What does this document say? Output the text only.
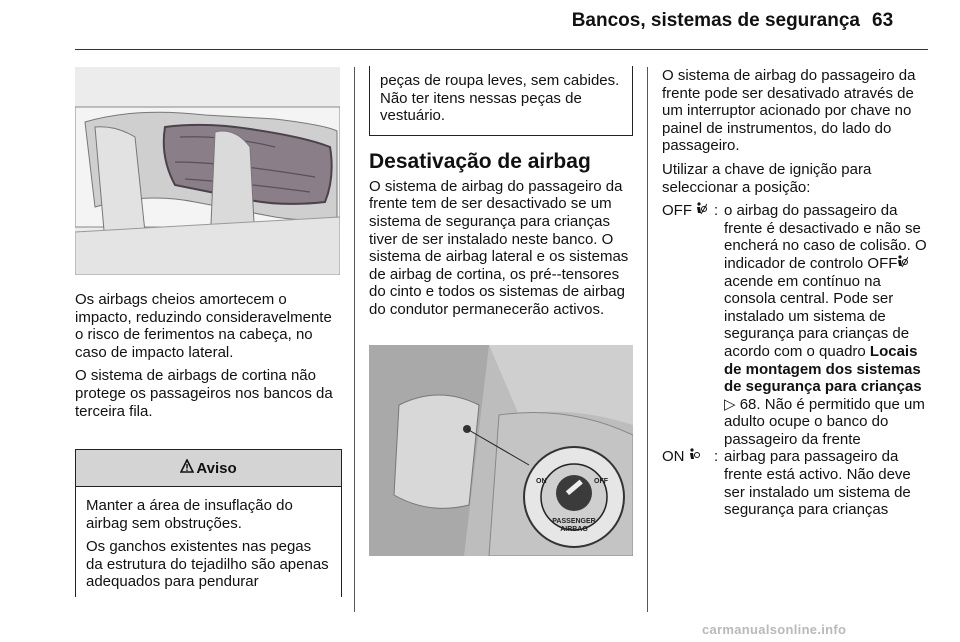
Bancos, sistemas de segurança 63

Os airbags cheios amortecem o impacto, reduzindo consideravelmente o risco de ferimentos na cabeça, no caso de impacto lateral.

O sistema de airbags de cortina não protege os passageiros nos bancos da terceira fila.

Aviso

Manter a área de insuflação do airbag sem obstruções.

Os ganchos existentes nas pegas da estrutura do tejadilho são apenas adequados para pendurar

peças de roupa leves, sem cabides. Não ter itens nessas peças de vestuário.

Desativação de airbag

O sistema de airbag do passageiro da frente tem de ser desactivado se um sistema de segurança para crianças tiver de ser instalado neste banco. O sistema de airbag lateral e os sistemas de airbag de cortina, os pré--tensores do cinto e todos os sistemas de airbag do condutor permanecerão activos.

ON	OFF
PASSENGER
AIRBAG

O sistema de airbag do passageiro da frente pode ser desativado através de um interruptor acionado por chave no painel de instrumentos, do lado do passageiro.

Utilizar a chave de ignição para seleccionar a posição:

OFF	: o airbag do passageiro da frente é desactivado e não se encherá no caso de colisão. O indicador de controlo OFF acende em contínuo na consola central. Pode ser instalado um sistema de segurança para crianças de acordo com o quadro Locais de montagem dos sistemas de segurança para crianças
▷ 68. Não é permitido que um adulto ocupe o banco do passageiro da frente
ON	: airbag para passageiro da frente está activo. Não deve ser instalado um sistema de segurança para crianças
carmanualsonline.info
